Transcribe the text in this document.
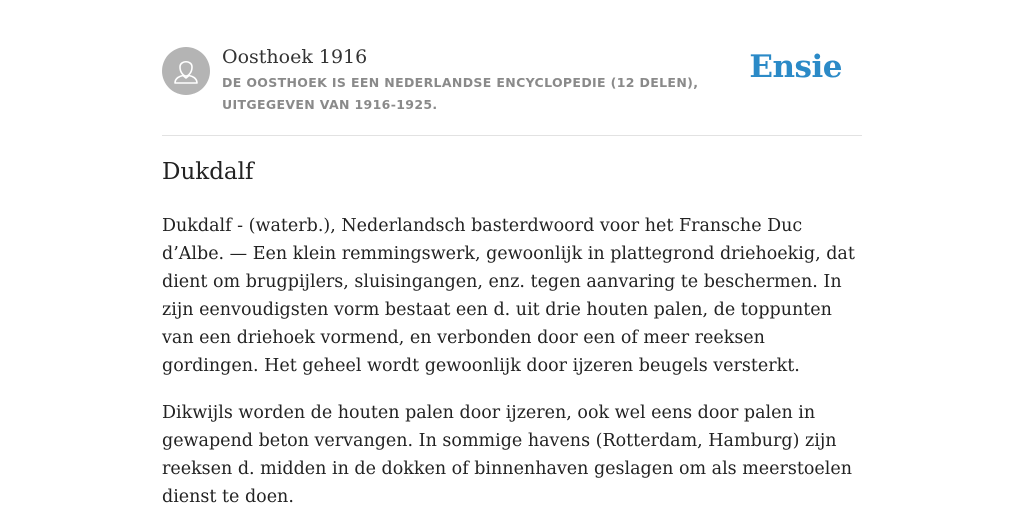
Oosthoek 1916

DE OOSTHOEK IS EEN NEDERLANDSE ENCYCLOPEDIE (12 DELEN), UITGEGEVEN VAN 1916-1925.

Ensie
Dukdalf

Dukdalf - (waterb.), Nederlandsch basterdwoord voor het Fransche Duc d’Albe. — Een klein remmingswerk, gewoonlijk in plattegrond driehoekig, dat dient om brugpijlers, sluisingangen, enz. tegen aanvaring te beschermen. In zijn eenvoudigsten vorm bestaat een d. uit drie houten palen, de toppunten van een driehoek vormend, en verbonden door een of meer reeksen gordingen. Het geheel wordt gewoonlijk door ijzeren beugels versterkt.

Dikwijls worden de houten palen door ijzeren, ook wel eens door palen in gewapend beton vervangen. In sommige havens (Rotterdam, Hamburg) zijn reeksen d. midden in de dokken of binnenhaven geslagen om als meerstoelen dienst te doen.
